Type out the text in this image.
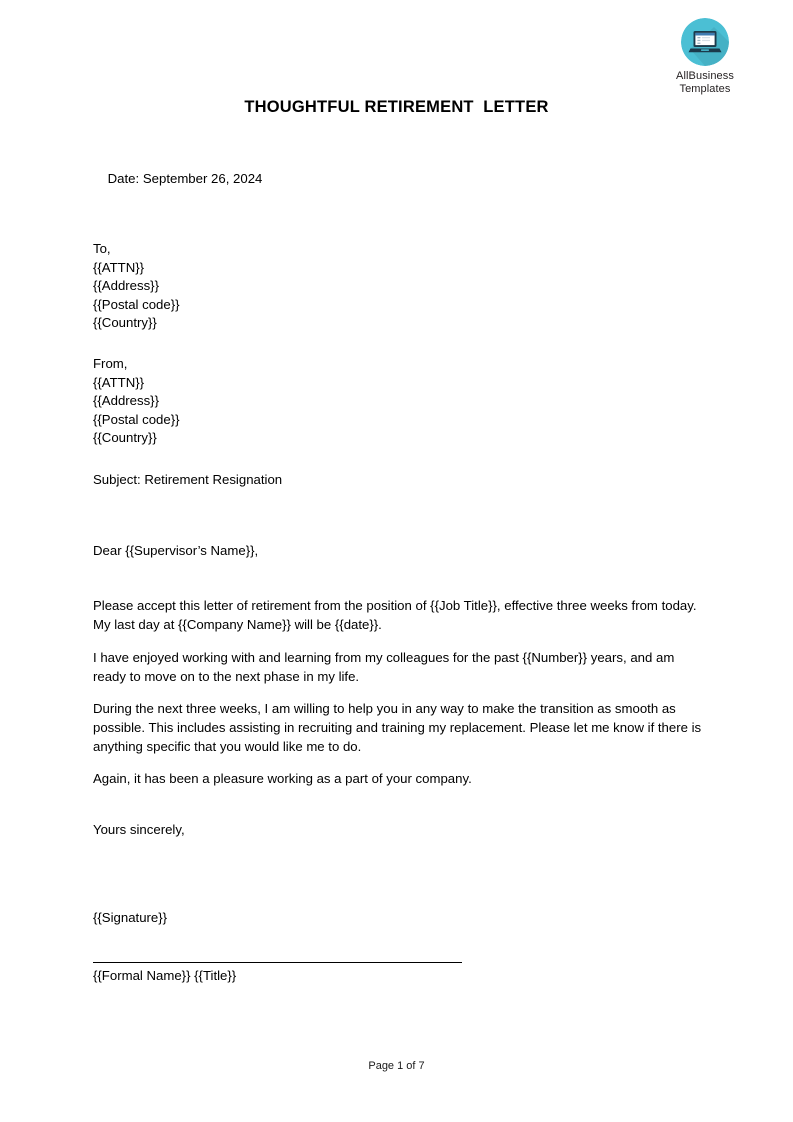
AllBusiness
Templates
THOUGHTFUL RETIREMENT  LETTER

Date: September 26, 2024

To,
{{ATTN}}
{{Address}}
{{Postal code}}
{{Country}}
From,
{{ATTN}}
{{Address}}
{{Postal code}}
{{Country}}
Subject: Retirement Resignation
Dear {{Supervisor’s Name}},

Please accept this letter of retirement from the position of {{Job Title}}, effective three weeks from today. My last day at {{Company Name}} will be {{date}}.

I have enjoyed working with and learning from my colleagues for the past {{Number}} years, and am ready to move on to the next phase in my life.

During the next three weeks, I am willing to help you in any way to make the transition as smooth as possible. This includes assisting in recruiting and training my replacement. Please let me know if there is anything specific that you would like me to do.

Again, it has been a pleasure working as a part of your company.

Yours sincerely,
{{Signature}}
{{Formal Name}} {{Title}}
Page 1 of 7
